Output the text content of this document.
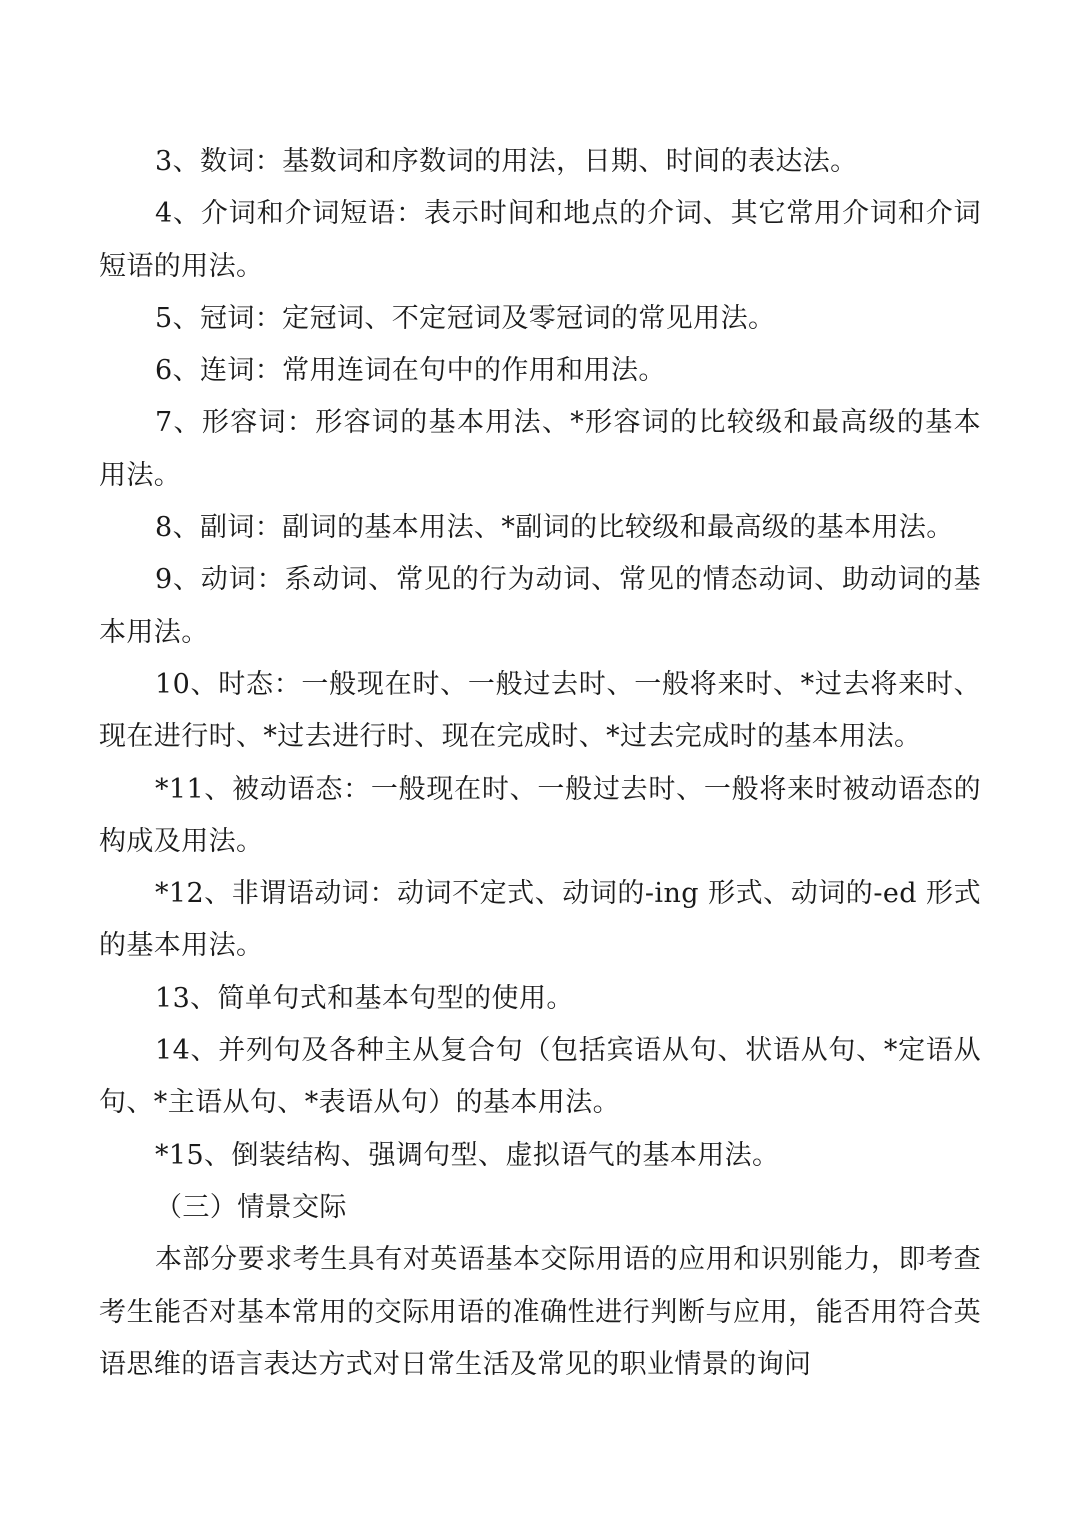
3、数词：基数词和序数词的用法，日期、时间的表达法。

4、介词和介词短语：表示时间和地点的介词、其它常用介词和介词短语的用法。

5、冠词：定冠词、不定冠词及零冠词的常见用法。

6、连词：常用连词在句中的作用和用法。

7、形容词：形容词的基本用法、*形容词的比较级和最高级的基本用法。

8、副词：副词的基本用法、*副词的比较级和最高级的基本用法。

9、动词：系动词、常见的行为动词、常见的情态动词、助动词的基本用法。

10、时态：一般现在时、一般过去时、一般将来时、*过去将来时、现在进行时、*过去进行时、现在完成时、*过去完成时的基本用法。

*11、被动语态：一般现在时、一般过去时、一般将来时被动语态的构成及用法。

*12、非谓语动词：动词不定式、动词的-ing 形式、动词的-ed 形式的基本用法。

13、简单句式和基本句型的使用。

14、并列句及各种主从复合句（包括宾语从句、状语从句、*定语从句、*主语从句、*表语从句）的基本用法。

*15、倒装结构、强调句型、虚拟语气的基本用法。

（三）情景交际

本部分要求考生具有对英语基本交际用语的应用和识别能力，即考查考生能否对基本常用的交际用语的准确性进行判断与应用，能否用符合英语思维的语言表达方式对日常生活及常见的职业情景的询问
